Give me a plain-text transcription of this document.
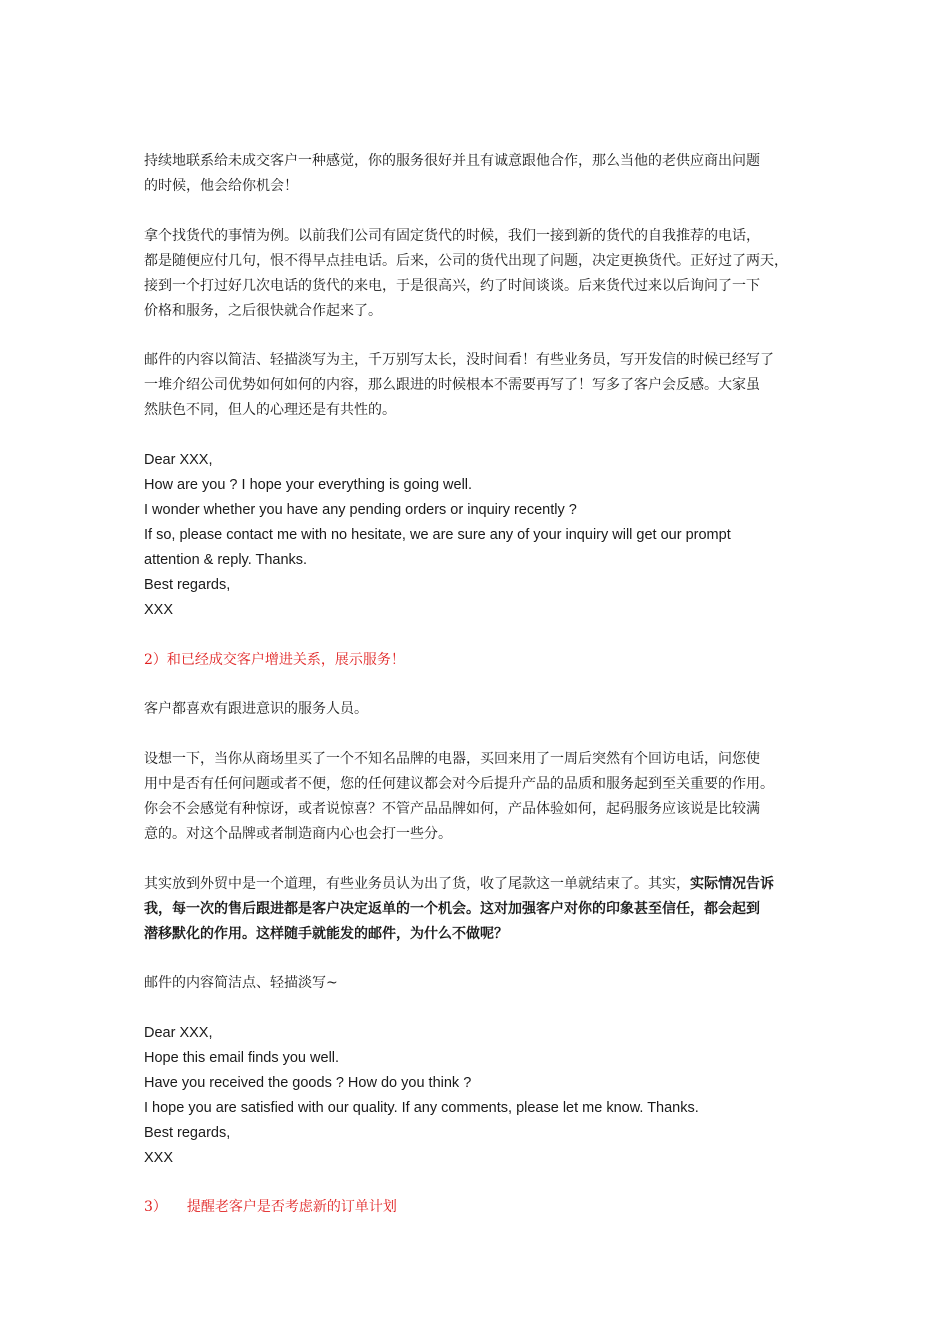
持续地联系给未成交客户一种感觉，你的服务很好并且有诚意跟他合作，那么当他的老供应商出问题
的时候，他会给你机会！
拿个找货代的事情为例。以前我们公司有固定货代的时候，我们一接到新的货代的自我推荐的电话，
都是随便应付几句，恨不得早点挂电话。后来，公司的货代出现了问题，决定更换货代。正好过了两天，
接到一个打过好几次电话的货代的来电，于是很高兴，约了时间谈谈。后来货代过来以后询问了一下
价格和服务，之后很快就合作起来了。
邮件的内容以简洁、轻描淡写为主，千万别写太长，没时间看！有些业务员，写开发信的时候已经写了
一堆介绍公司优势如何如何的内容，那么跟进的时候根本不需要再写了！写多了客户会反感。大家虽
然肤色不同，但人的心理还是有共性的。
Dear XXX,
How are you ? I hope your everything is going well.
I wonder whether you have any pending orders or inquiry recently ?
If so, please contact me with no hesitate, we are sure any of your inquiry will get our prompt
attention & reply. Thanks.
Best regards,
XXX
2）和已经成交客户增进关系，展示服务！
客户都喜欢有跟进意识的服务人员。
设想一下，当你从商场里买了一个不知名品牌的电器，买回来用了一周后突然有个回访电话，问您使
用中是否有任何问题或者不便，您的任何建议都会对今后提升产品的品质和服务起到至关重要的作用。
你会不会感觉有种惊讶，或者说惊喜？不管产品品牌如何，产品体验如何，起码服务应该说是比较满
意的。对这个品牌或者制造商内心也会打一些分。
其实放到外贸中是一个道理，有些业务员认为出了货，收了尾款这一单就结束了。其实，实际情况告诉
我，每一次的售后跟进都是客户决定返单的一个机会。这对加强客户对你的印象甚至信任，都会起到
潜移默化的作用。这样随手就能发的邮件，为什么不做呢？
邮件的内容简洁点、轻描淡写~
Dear XXX,
Hope this email finds you well.
Have you received the goods ? How do you think ?
I hope you are satisfied with our quality. If any comments, please let me know. Thanks.
Best regards,
XXX
3） 提醒老客户是否考虑新的订单计划
